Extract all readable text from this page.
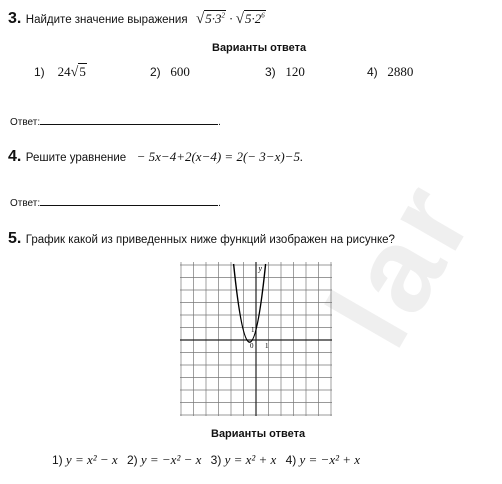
lar
3. Найдите значение выражения $√5\cdot 3^2 \cdot √5\cdot 2^6$
Варианты ответа
1) 24√5	2) 600	3) 120	4) 2880
Ответ:	.
4. Решите уравнение − 5x−4+2(x−4) = 2(− 3−x)−5.
Ответ:	.
5. График какой из приведенных ниже функций изображен на рисунке?
y
1
0 1
Варианты ответа
1) y = x² − x 2) y = −x² − x 3) y = x² + x 4) y = −x² + x
